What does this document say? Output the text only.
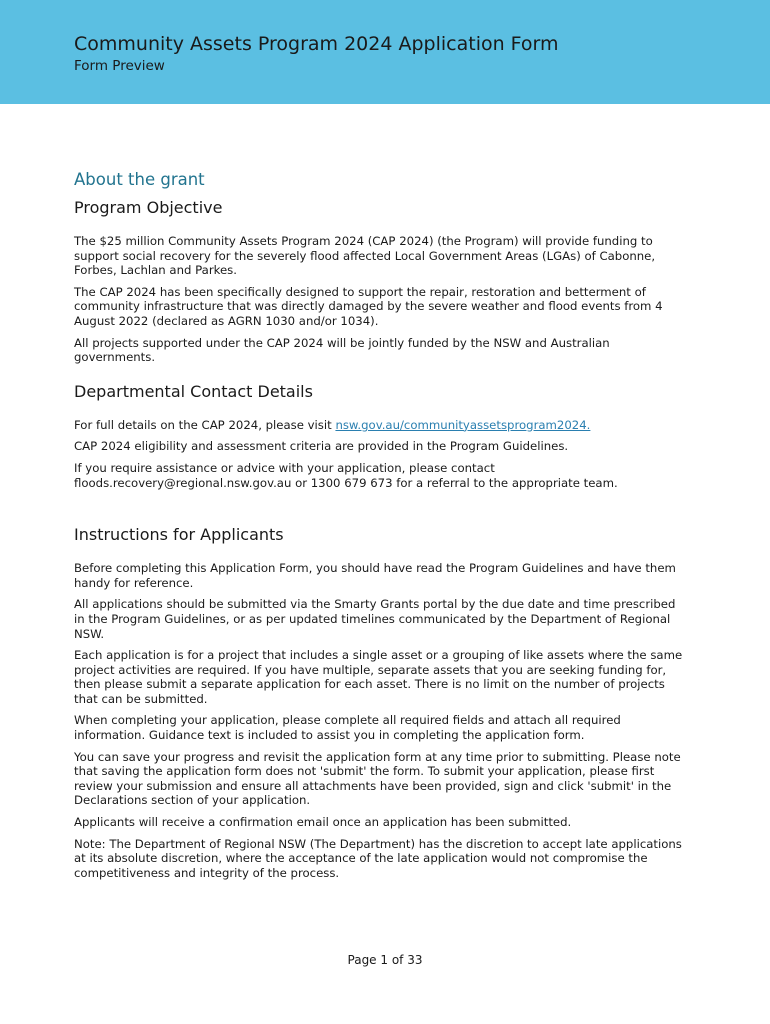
Community Assets Program 2024 Application Form
Form Preview
About the grant
Program Objective

The $25 million Community Assets Program 2024 (CAP 2024) (the Program) will provide funding to support social recovery for the severely flood affected Local Government Areas (LGAs) of Cabonne, Forbes, Lachlan and Parkes.

The CAP 2024 has been specifically designed to support the repair, restoration and betterment of community infrastructure that was directly damaged by the severe weather and flood events from 4 August 2022 (declared as AGRN 1030 and/or 1034).

All projects supported under the CAP 2024 will be jointly funded by the NSW and Australian governments.

Departmental Contact Details

For full details on the CAP 2024, please visit nsw.gov.au/communityassetsprogram2024.

CAP 2024 eligibility and assessment criteria are provided in the Program Guidelines.

If you require assistance or advice with your application, please contact floods.recovery@regional.nsw.gov.au or 1300 679 673 for a referral to the appropriate team.

Instructions for Applicants

Before completing this Application Form, you should have read the Program Guidelines and have them handy for reference.

All applications should be submitted via the Smarty Grants portal by the due date and time prescribed in the Program Guidelines, or as per updated timelines communicated by the Department of Regional NSW.

Each application is for a project that includes a single asset or a grouping of like assets where the same project activities are required. If you have multiple, separate assets that you are seeking funding for, then please submit a separate application for each asset. There is no limit on the number of projects that can be submitted.

When completing your application, please complete all required fields and attach all required information. Guidance text is included to assist you in completing the application form.

You can save your progress and revisit the application form at any time prior to submitting. Please note that saving the application form does not 'submit' the form. To submit your application, please first review your submission and ensure all attachments have been provided, sign and click 'submit' in the Declarations section of your application.

Applicants will receive a confirmation email once an application has been submitted.

Note: The Department of Regional NSW (The Department) has the discretion to accept late applications at its absolute discretion, where the acceptance of the late application would not compromise the competitiveness and integrity of the process.

Page 1 of 33
